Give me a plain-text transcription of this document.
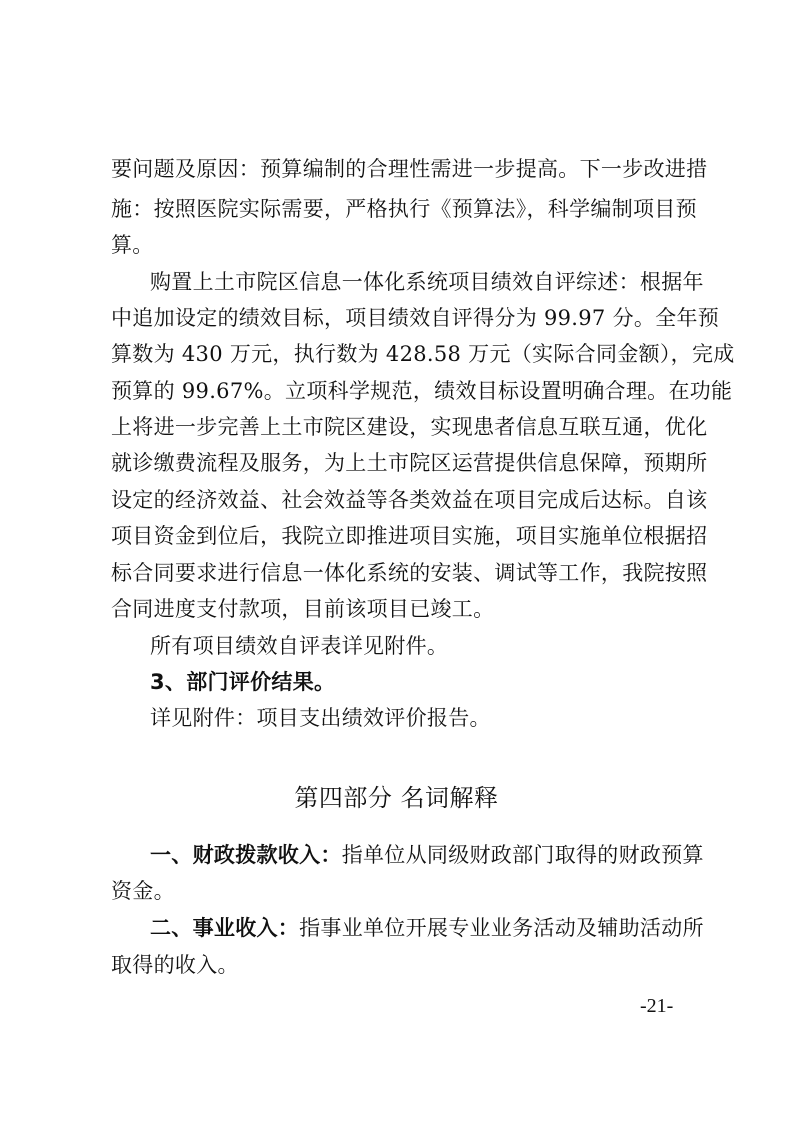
要问题及原因：预算编制的合理性需进一步提高。下一步改进措
施：按照医院实际需要，严格执行《预算法》，科学编制项目预
算。
购置上土市院区信息一体化系统项目绩效自评综述：根据年
中追加设定的绩效目标，项目绩效自评得分为 99.97 分。全年预
算数为 430 万元，执行数为 428.58 万元（实际合同金额），完成
预算的 99.67%。立项科学规范，绩效目标设置明确合理。在功能
上将进一步完善上土市院区建设，实现患者信息互联互通，优化
就诊缴费流程及服务，为上土市院区运营提供信息保障，预期所
设定的经济效益、社会效益等各类效益在项目完成后达标。自该
项目资金到位后，我院立即推进项目实施，项目实施单位根据招
标合同要求进行信息一体化系统的安装、调试等工作，我院按照
合同进度支付款项，目前该项目已竣工。
所有项目绩效自评表详见附件。
3、部门评价结果。
详见附件：项目支出绩效评价报告。
第四部分 名词解释
一、财政拨款收入：指单位从同级财政部门取得的财政预算
资金。
二、事业收入：指事业单位开展专业业务活动及辅助活动所
取得的收入。
-21-
